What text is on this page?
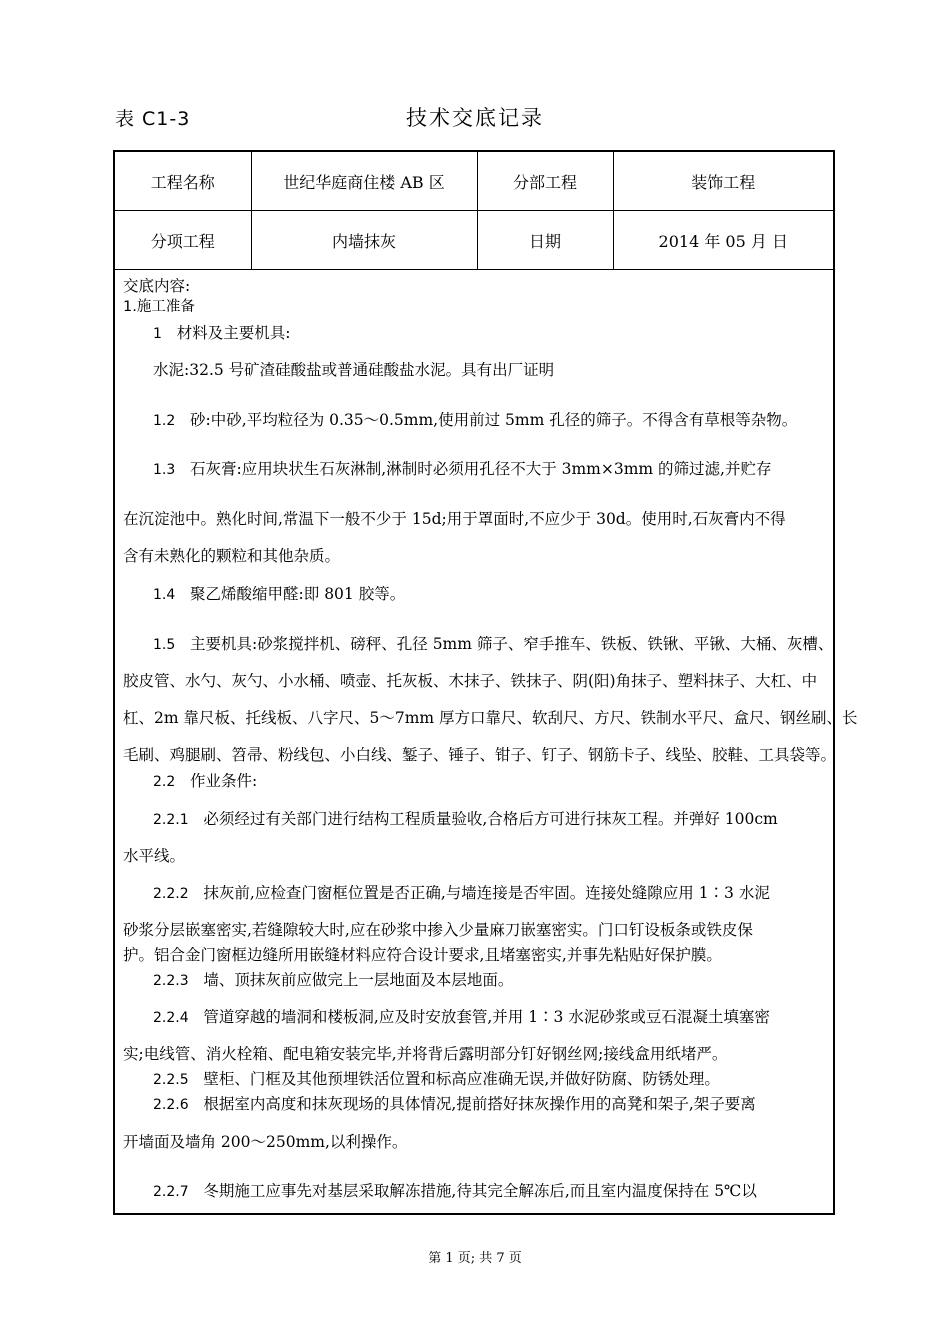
表 C1-3	技术交底记录
工程名称	世纪华庭商住楼 AB 区	分部工程	装饰工程
分项工程	内墙抹灰	日期	2014 年 05 月 日
交底内容:
1.施工准备
1 材料及主要机具:
水泥:32.5 号矿渣硅酸盐或普通硅酸盐水泥。具有出厂证明
1.2 砂:中砂,平均粒径为 0.35～0.5mm,使用前过 5mm 孔径的筛子。不得含有草根等杂物。
1.3 石灰膏:应用块状生石灰淋制,淋制时必须用孔径不大于 3mm×3mm 的筛过滤,并贮存
在沉淀池中。熟化时间,常温下一般不少于 15d;用于罩面时,不应少于 30d。使用时,石灰膏内不得
含有未熟化的颗粒和其他杂质。
1.4 聚乙烯酸缩甲醛:即 801 胶等。
1.5 主要机具:砂浆搅拌机、磅秤、孔径 5mm 筛子、窄手推车、铁板、铁锹、平锹、大桶、灰槽、
胶皮管、水勺、灰勺、小水桶、喷壶、托灰板、木抹子、铁抹子、阴(阳)角抹子、塑料抹子、大杠、中
杠、2m 靠尺板、托线板、八字尺、5～7mm 厚方口靠尺、软刮尺、方尺、铁制水平尺、盒尺、钢丝刷、长
毛刷、鸡腿刷、笤帚、粉线包、小白线、錾子、锤子、钳子、钉子、钢筋卡子、线坠、胶鞋、工具袋等。
2.2 作业条件:
2.2.1 必须经过有关部门进行结构工程质量验收,合格后方可进行抹灰工程。并弹好 100cm
水平线。
2.2.2 抹灰前,应检查门窗框位置是否正确,与墙连接是否牢固。连接处缝隙应用 1∶3 水泥
砂浆分层嵌塞密实,若缝隙较大时,应在砂浆中掺入少量麻刀嵌塞密实。门口钉设板条或铁皮保
护。铝合金门窗框边缝所用嵌缝材料应符合设计要求,且堵塞密实,并事先粘贴好保护膜。
2.2.3 墙、顶抹灰前应做完上一层地面及本层地面。
2.2.4 管道穿越的墙洞和楼板洞,应及时安放套管,并用 1∶3 水泥砂浆或豆石混凝土填塞密
实;电线管、消火栓箱、配电箱安装完毕,并将背后露明部分钉好钢丝网;接线盒用纸堵严。
2.2.5 壁柜、门框及其他预埋铁活位置和标高应准确无误,并做好防腐、防锈处理。
2.2.6 根据室内高度和抹灰现场的具体情况,提前搭好抹灰操作用的高凳和架子,架子要离
开墙面及墙角 200～250mm,以利操作。
2.2.7 冬期施工应事先对基层采取解冻措施,待其完全解冻后,而且室内温度保持在 5℃以
第 1 页; 共 7 页
